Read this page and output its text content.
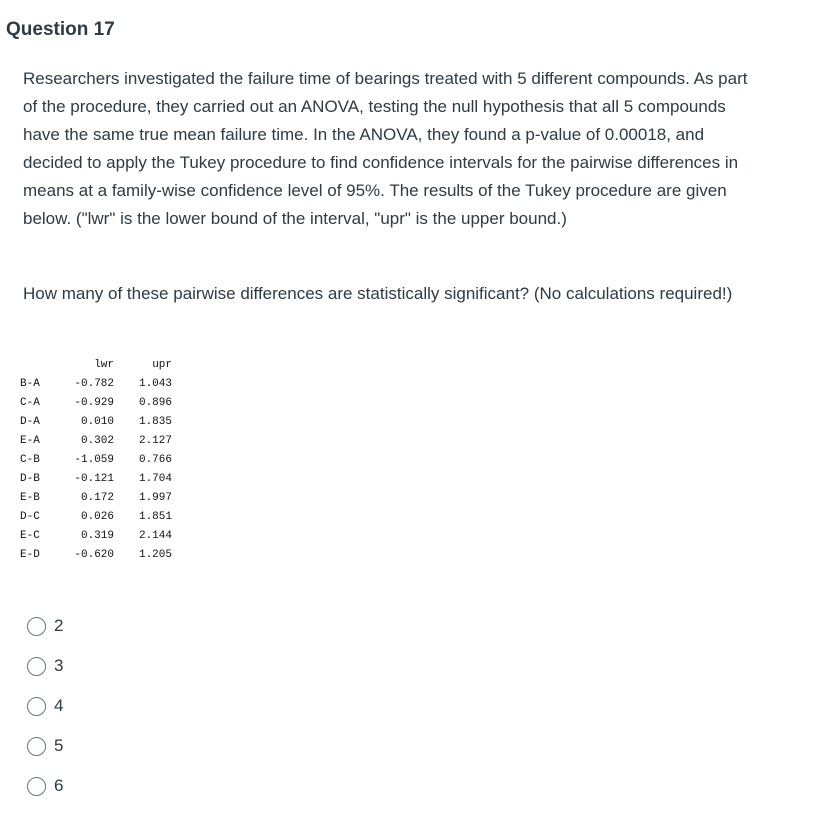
Question 17
Researchers investigated the failure time of bearings treated with 5 different compounds. As part of the procedure, they carried out an ANOVA, testing the null hypothesis that all 5 compounds have the same true mean failure time. In the ANOVA, they found a p-value of 0.00018, and decided to apply the Tukey procedure to find confidence intervals for the pairwise differences in means at a family-wise confidence level of 95%. The results of the Tukey procedure are given below. ("lwr" is the lower bound of the interval, "upr" is the upper bound.)
How many of these pairwise differences are statistically significant? (No calculations required!)
	lwr	upr
B-A	-0.782	1.043
C-A	-0.929	0.896
D-A	0.010	1.835
E-A	0.302	2.127
C-B	-1.059	0.766
D-B	-0.121	1.704
E-B	0.172	1.997
D-C	0.026	1.851
E-C	0.319	2.144
E-D	-0.620	1.205
2
3
4
5
6
